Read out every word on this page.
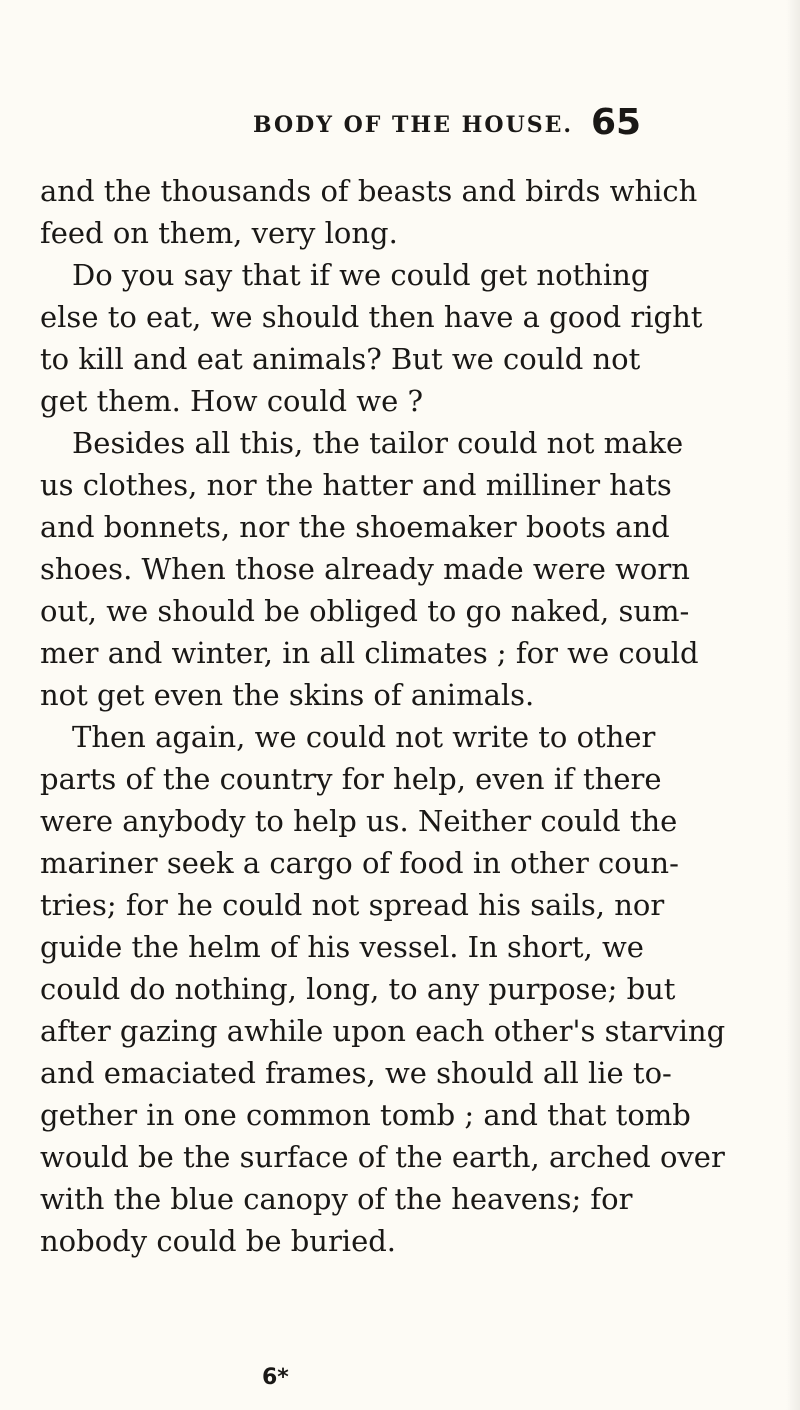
BODY OF THE HOUSE. 65
and the thousands of beasts and birds which
feed on them, very long.
Do you say that if we could get nothing
else to eat, we should then have a good right
to kill and eat animals? But we could not
get them. How could we ?
Besides all this, the tailor could not make
us clothes, nor the hatter and milliner hats
and bonnets, nor the shoemaker boots and
shoes. When those already made were worn
out, we should be obliged to go naked, sum-
mer and winter, in all climates ; for we could
not get even the skins of animals.
Then again, we could not write to other
parts of the country for help, even if there
were anybody to help us. Neither could the
mariner seek a cargo of food in other coun-
tries; for he could not spread his sails, nor
guide the helm of his vessel. In short, we
could do nothing, long, to any purpose; but
after gazing awhile upon each other's starving
and emaciated frames, we should all lie to-
gether in one common tomb ; and that tomb
would be the surface of the earth, arched over
with the blue canopy of the heavens; for
nobody could be buried.
6*
